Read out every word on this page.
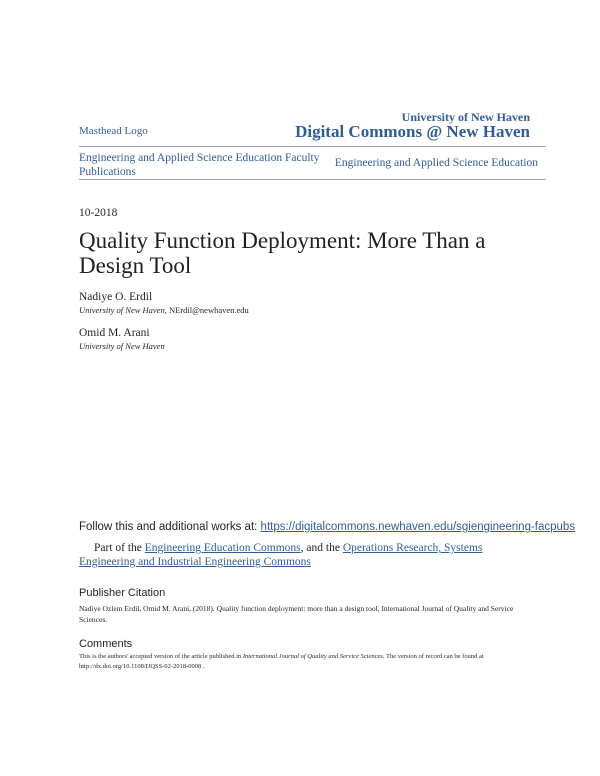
Masthead Logo
University of New Haven
Digital Commons @ New Haven
Engineering and Applied Science Education Faculty Publications
Engineering and Applied Science Education
10-2018
Quality Function Deployment: More Than a Design Tool
Nadiye O. Erdil
University of New Haven, NErdil@newhaven.edu
Omid M. Arani
University of New Haven
Follow this and additional works at: https://digitalcommons.newhaven.edu/sgiengineering-facpubs
Part of the Engineering Education Commons, and the Operations Research, Systems Engineering and Industrial Engineering Commons
Publisher Citation
Nadiye Ozlem Erdil, Omid M. Arani, (2018). Quality function deployment: more than a design tool, International Journal of Quality and Service Sciences.
Comments
This is the authors' accepted version of the article published in International Journal of Quality and Service Sciences. The version of record can be found at http://dx.doi.org/10.1108/IJQSS-02-2018-0008 .
